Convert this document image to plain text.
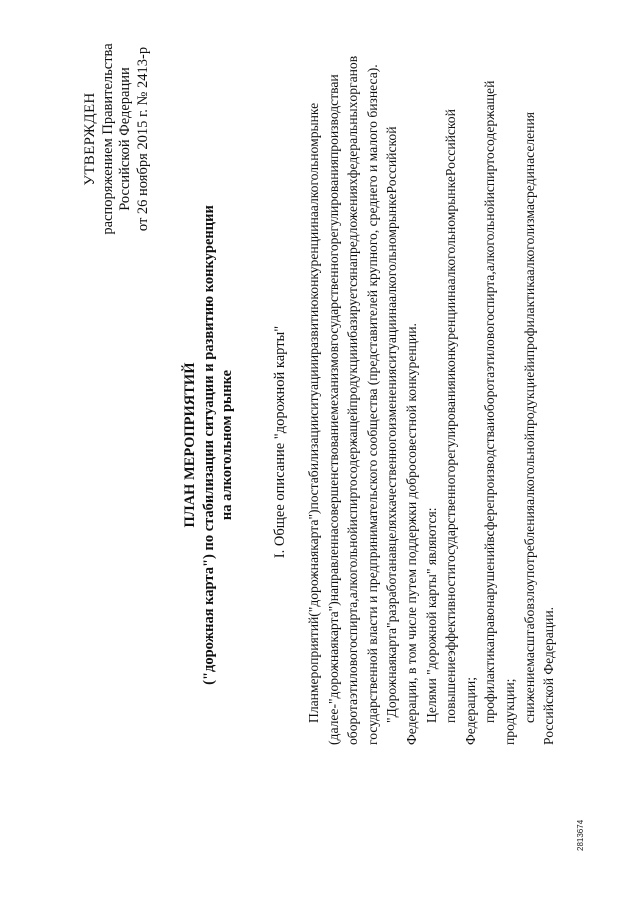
УТВЕРЖДЕН распоряжением Правительства Российской Федерации от 26 ноября 2015 г. № 2413-р
ПЛАН МЕРОПРИЯТИЙ ("дорожная карта") по стабилизации ситуации и развитию конкуренции на алкогольном рынке	I. Общее описание "дорожной карты"
План
мероприятий
("дорожная
карта")
по
стабилизации
ситуации
и
развитию
конкуренции
на
алкогольном
рынке
(далее
-
"дорожная
карта")
направлен
на
совершенствование
механизмов
государственного
регулирования
производства
и
оборота
этилового
спирта,
алкогольной
и
спиртосодержащей
продукции
и
базируется
на
предложениях
федеральных
органов государственной власти и предпринимательского сообщества (представителей крупного, среднего и малого бизнеса). "Дорожная
карта"
разработана
в
целях
качественного
изменения
ситуации
на
алкогольном
рынке
Российской
Федерации, в том числе путем поддержки добросовестной конкуренции. Целями "дорожной карты" являются: повышение
эффективности
государственного
регулирования
и
конкуренции
на
алкогольном
рынке
Российской
Федерации; профилактика
правонарушений
в
сфере
производства
и
оборота
этилового
спирта,
алкогольной
и
спиртосодержащей
продукции; снижение
масштабов
злоупотребления
алкогольной
продукцией
и
профилактика
алкоголизма
среди
населения
Российской Федерации.
2813674
